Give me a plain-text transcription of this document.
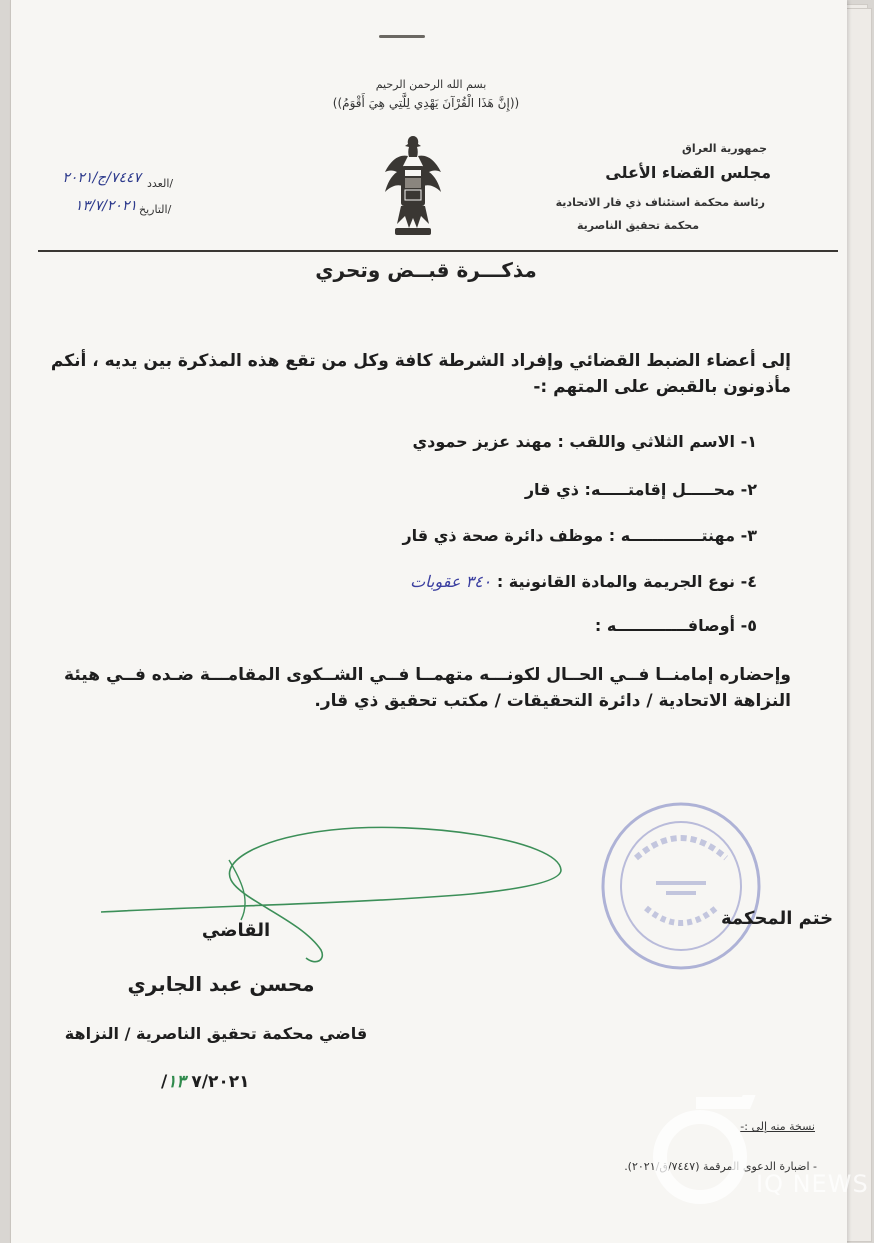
بسم الله الرحمن الرحيم
((إِنَّ هَذَا الْقُرْآنَ يَهْدِي لِلَّتِي هِيَ أَقْوَمُ))
جمهورية العراق
مجلس القضاء الأعلى
رئاسة محكمة استئناف ذي قار الاتحادية
محكمة تحقيق الناصرية
العدد/
٧٤٤٧/ج/٢٠٢١
التاريخ/
١٣/٧/٢٠٢١
مذكـــرة قبــض وتحري
إلى أعضاء الضبط القضائي وإفراد الشرطة كافة وكل من تقع هذه المذكرة بين يديه ، أنكم مأذونون بالقبض على المتهم :-
١- الاسم الثلاثي واللقب : مهند عزيز حمودي
٢- محـــــل إقامتـــــه: ذي قار
٣- مهنتـــــــــــــه : موظف دائرة صحة ذي قار
٤- نوع الجريمة والمادة القانونية : ٣٤٠ عقوبات
٥- أوصافـــــــــــــه :
وإحضاره إمامنــا فــي الحــال لكونـــه متهمــا فــي الشــكوى المقامـــة ضـده فــي هيئة النزاهة الاتحادية / دائرة التحقيقات / مكتب تحقيق ذي قار.
ختم المحكمة
القاضي
محسن عبد الجابري
قاضي محكمة تحقيق الناصرية / النزاهة
/٧/٢٠٢١ ١٣
نسخة منه إلى :-
- اضبارة الدعوى المرقمة (٧٤٤٧/ق/٢٠٢١).
IQ NEWS
